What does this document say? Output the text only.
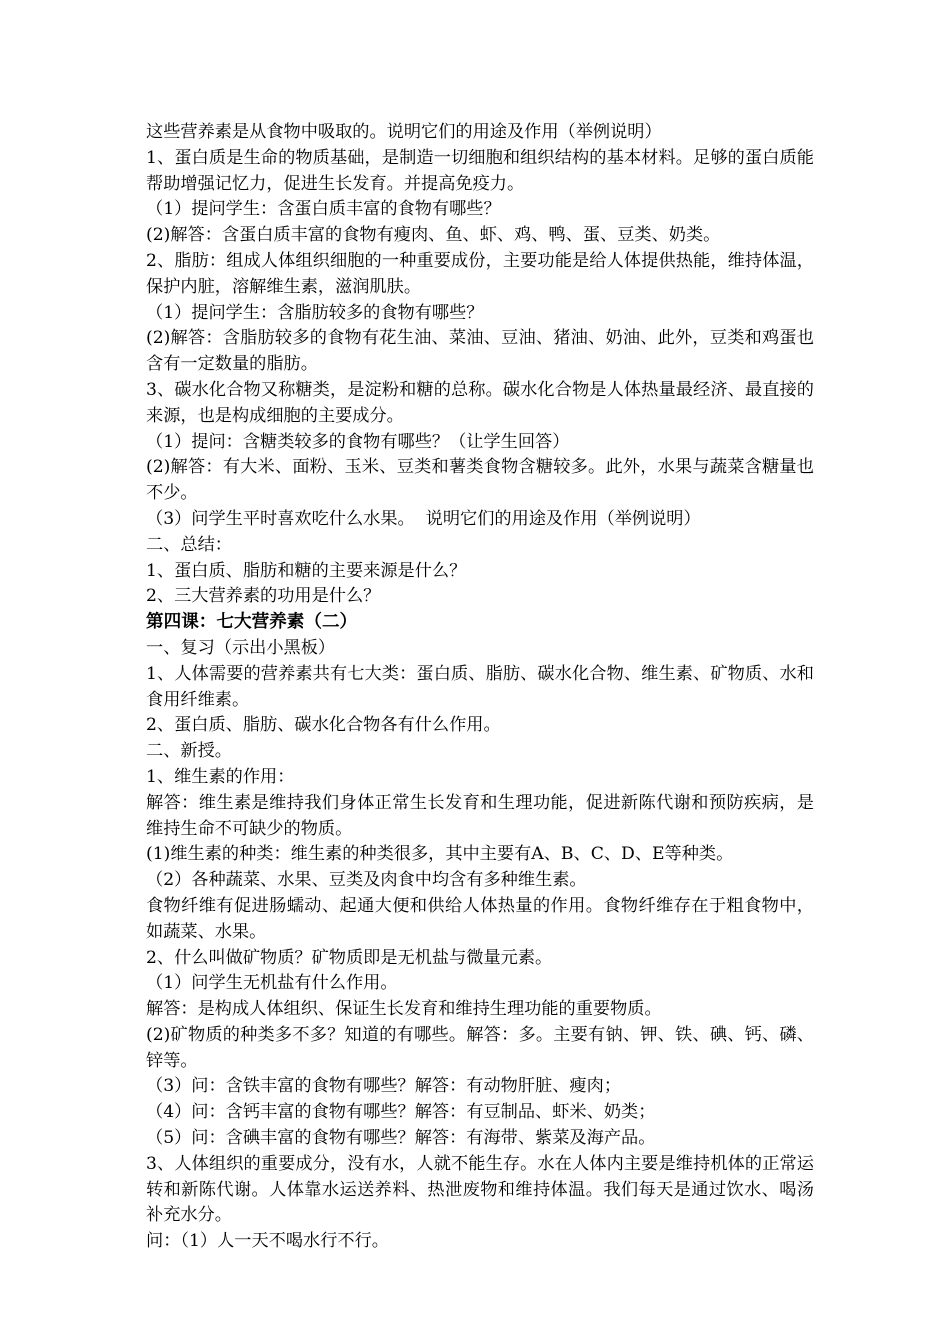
这些营养素是从食物中吸取的。说明它们的用途及作用（举例说明）

1、蛋白质是生命的物质基础，是制造一切细胞和组织结构的基本材料。足够的蛋白质能帮助增强记忆力，促进生长发育。并提高免疫力。

（1）提问学生：含蛋白质丰富的食物有哪些？

(2)解答：含蛋白质丰富的食物有瘦肉、鱼、虾、鸡、鸭、蛋、豆类、奶类。

2、脂肪：组成人体组织细胞的一种重要成份，主要功能是给人体提供热能，维持体温，保护内脏，溶解维生素，滋润肌肤。

（1）提问学生：含脂肪较多的食物有哪些？

(2)解答：含脂肪较多的食物有花生油、菜油、豆油、猪油、奶油、此外，豆类和鸡蛋也含有一定数量的脂肪。

3、碳水化合物又称糖类，是淀粉和糖的总称。碳水化合物是人体热量最经济、最直接的来源，也是构成细胞的主要成分。

（1）提问：含糖类较多的食物有哪些？（让学生回答）

(2)解答：有大米、面粉、玉米、豆类和薯类食物含糖较多。此外，水果与蔬菜含糖量也不少。

（3）问学生平时喜欢吃什么水果。  说明它们的用途及作用（举例说明）

二、总结：

1、蛋白质、脂肪和糖的主要来源是什么？

2、三大营养素的功用是什么？

第四课：七大营养素（二）

一、复习（示出小黑板）

1、人体需要的营养素共有七大类：蛋白质、脂肪、碳水化合物、维生素、矿物质、水和食用纤维素。

2、蛋白质、脂肪、碳水化合物各有什么作用。

二、新授。

1、维生素的作用：

解答：维生素是维持我们身体正常生长发育和生理功能，促进新陈代谢和预防疾病，是维持生命不可缺少的物质。

(1)维生素的种类：维生素的种类很多，其中主要有A、B、C、D、E等种类。

（2）各种蔬菜、水果、豆类及肉食中均含有多种维生素。

食物纤维有促进肠蠕动、起通大便和供给人体热量的作用。食物纤维存在于粗食物中，如蔬菜、水果。

2、什么叫做矿物质？矿物质即是无机盐与微量元素。

（1）问学生无机盐有什么作用。

解答：是构成人体组织、保证生长发育和维持生理功能的重要物质。

(2)矿物质的种类多不多？知道的有哪些。解答：多。主要有钠、钾、铁、碘、钙、磷、锌等。

（3）问：含铁丰富的食物有哪些？解答：有动物肝脏、瘦肉；

（4）问：含钙丰富的食物有哪些？解答：有豆制品、虾米、奶类；

（5）问：含碘丰富的食物有哪些？解答：有海带、紫菜及海产品。

3、人体组织的重要成分，没有水，人就不能生存。水在人体内主要是维持机体的正常运转和新陈代谢。人体靠水运送养料、热泄废物和维持体温。我们每天是通过饮水、喝汤补充水分。

问：（1）人一天不喝水行不行。
